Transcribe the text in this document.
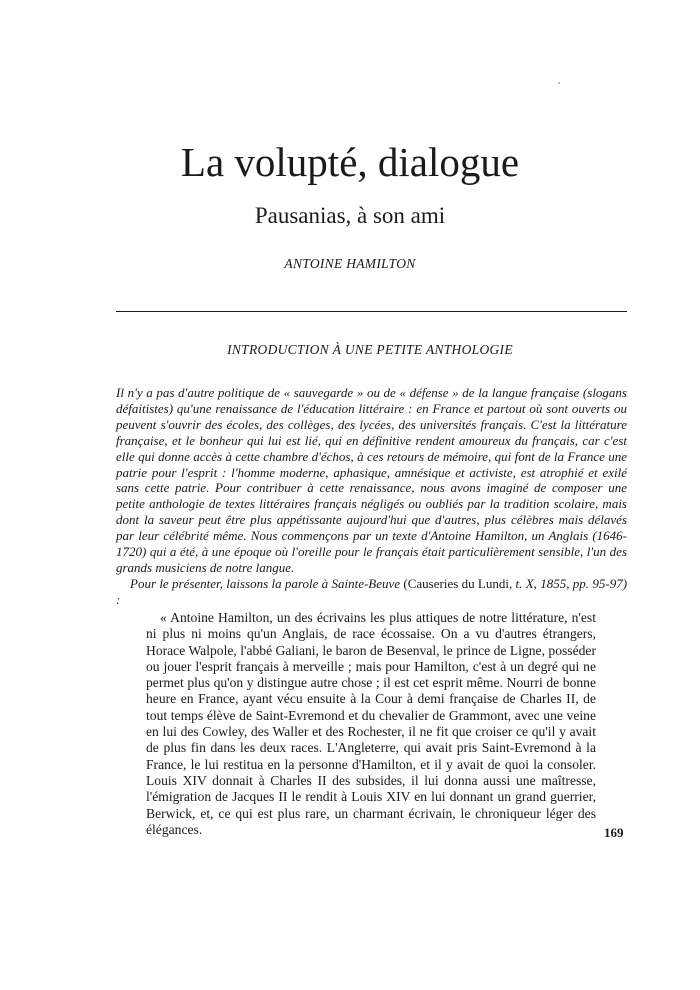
La volupté, dialogue
Pausanias, à son ami

ANTOINE HAMILTON

INTRODUCTION À UNE PETITE ANTHOLOGIE

Il n'y a pas d'autre politique de « sauvegarde » ou de « défense » de la langue française (slogans défaitistes) qu'une renaissance de l'éducation littéraire : en France et partout où sont ouverts ou peuvent s'ouvrir des écoles, des collèges, des lycées, des universités français. C'est la littérature française, et le bonheur qui lui est lié, qui en définitive rendent amoureux du français, car c'est elle qui donne accès à cette chambre d'échos, à ces retours de mémoire, qui font de la France une patrie pour l'esprit : l'homme moderne, aphasique, amnésique et activiste, est atrophié et exilé sans cette patrie. Pour contribuer à cette renaissance, nous avons imaginé de composer une petite anthologie de textes littéraires français négligés ou oubliés par la tradition scolaire, mais dont la saveur peut être plus appétissante aujourd'hui que d'autres, plus célèbres mais délavés par leur célébrité même. Nous commençons par un texte d'Antoine Hamilton, un Anglais (1646-1720) qui a été, à une époque où l'oreille pour le français était particulièrement sensible, l'un des grands musiciens de notre langue.

Pour le présenter, laissons la parole à Sainte-Beuve (Causeries du Lundi, t. X, 1855, pp. 95-97) :

« Antoine Hamilton, un des écrivains les plus attiques de notre littérature, n'est ni plus ni moins qu'un Anglais, de race écossaise. On a vu d'autres étrangers, Horace Walpole, l'abbé Galiani, le baron de Besenval, le prince de Ligne, posséder ou jouer l'esprit français à merveille ; mais pour Hamilton, c'est à un degré qui ne permet plus qu'on y distingue autre chose ; il est cet esprit même. Nourri de bonne heure en France, ayant vécu ensuite à la Cour à demi française de Charles II, de tout temps élève de Saint-Evremond et du chevalier de Grammont, avec une veine en lui des Cowley, des Waller et des Rochester, il ne fit que croiser ce qu'il y avait de plus fin dans les deux races. L'Angleterre, qui avait pris Saint-Evremond à la France, le lui restitua en la personne d'Hamilton, et il y avait de quoi la consoler. Louis XIV donnait à Charles II des subsides, il lui donna aussi une maîtresse, l'émigration de Jacques II le rendit à Louis XIV en lui donnant un grand guerrier, Berwick, et, ce qui est plus rare, un charmant écrivain, le chroniqueur léger des élégances.	169
